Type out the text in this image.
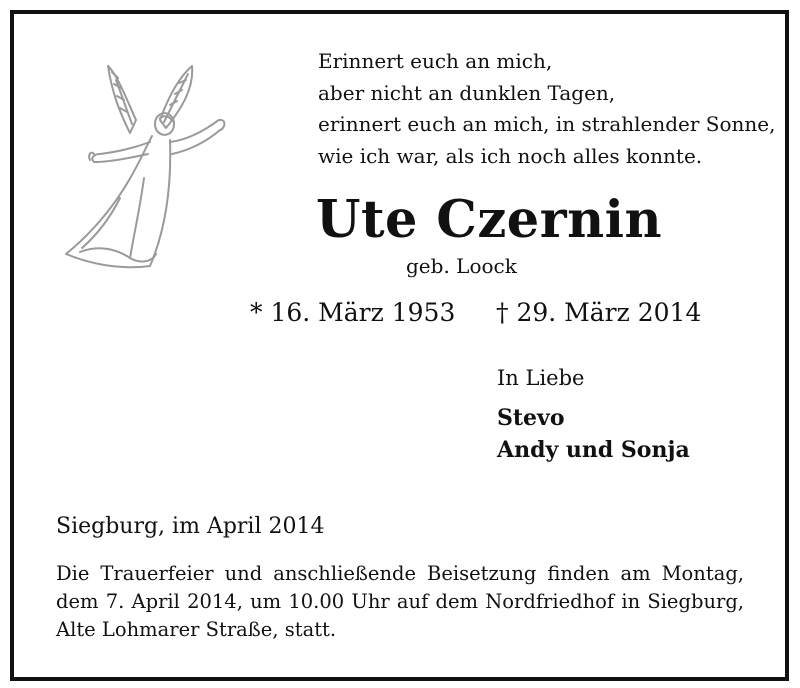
Erinnert euch an mich,
aber nicht an dunklen Tagen,
erinnert euch an mich, in strahlender Sonne,
wie ich war, als ich noch alles konnte.
Ute Czernin
geb. Loock
* 16. März 1953 † 29. März 2014
In Liebe
Stevo
Andy und Sonja
Siegburg, im April 2014
Die Trauerfeier und anschließende Beisetzung finden am Montag, dem 7. April 2014, um 10.00 Uhr auf dem Nordfriedhof in Siegburg, Alte Lohmarer Straße, statt.
